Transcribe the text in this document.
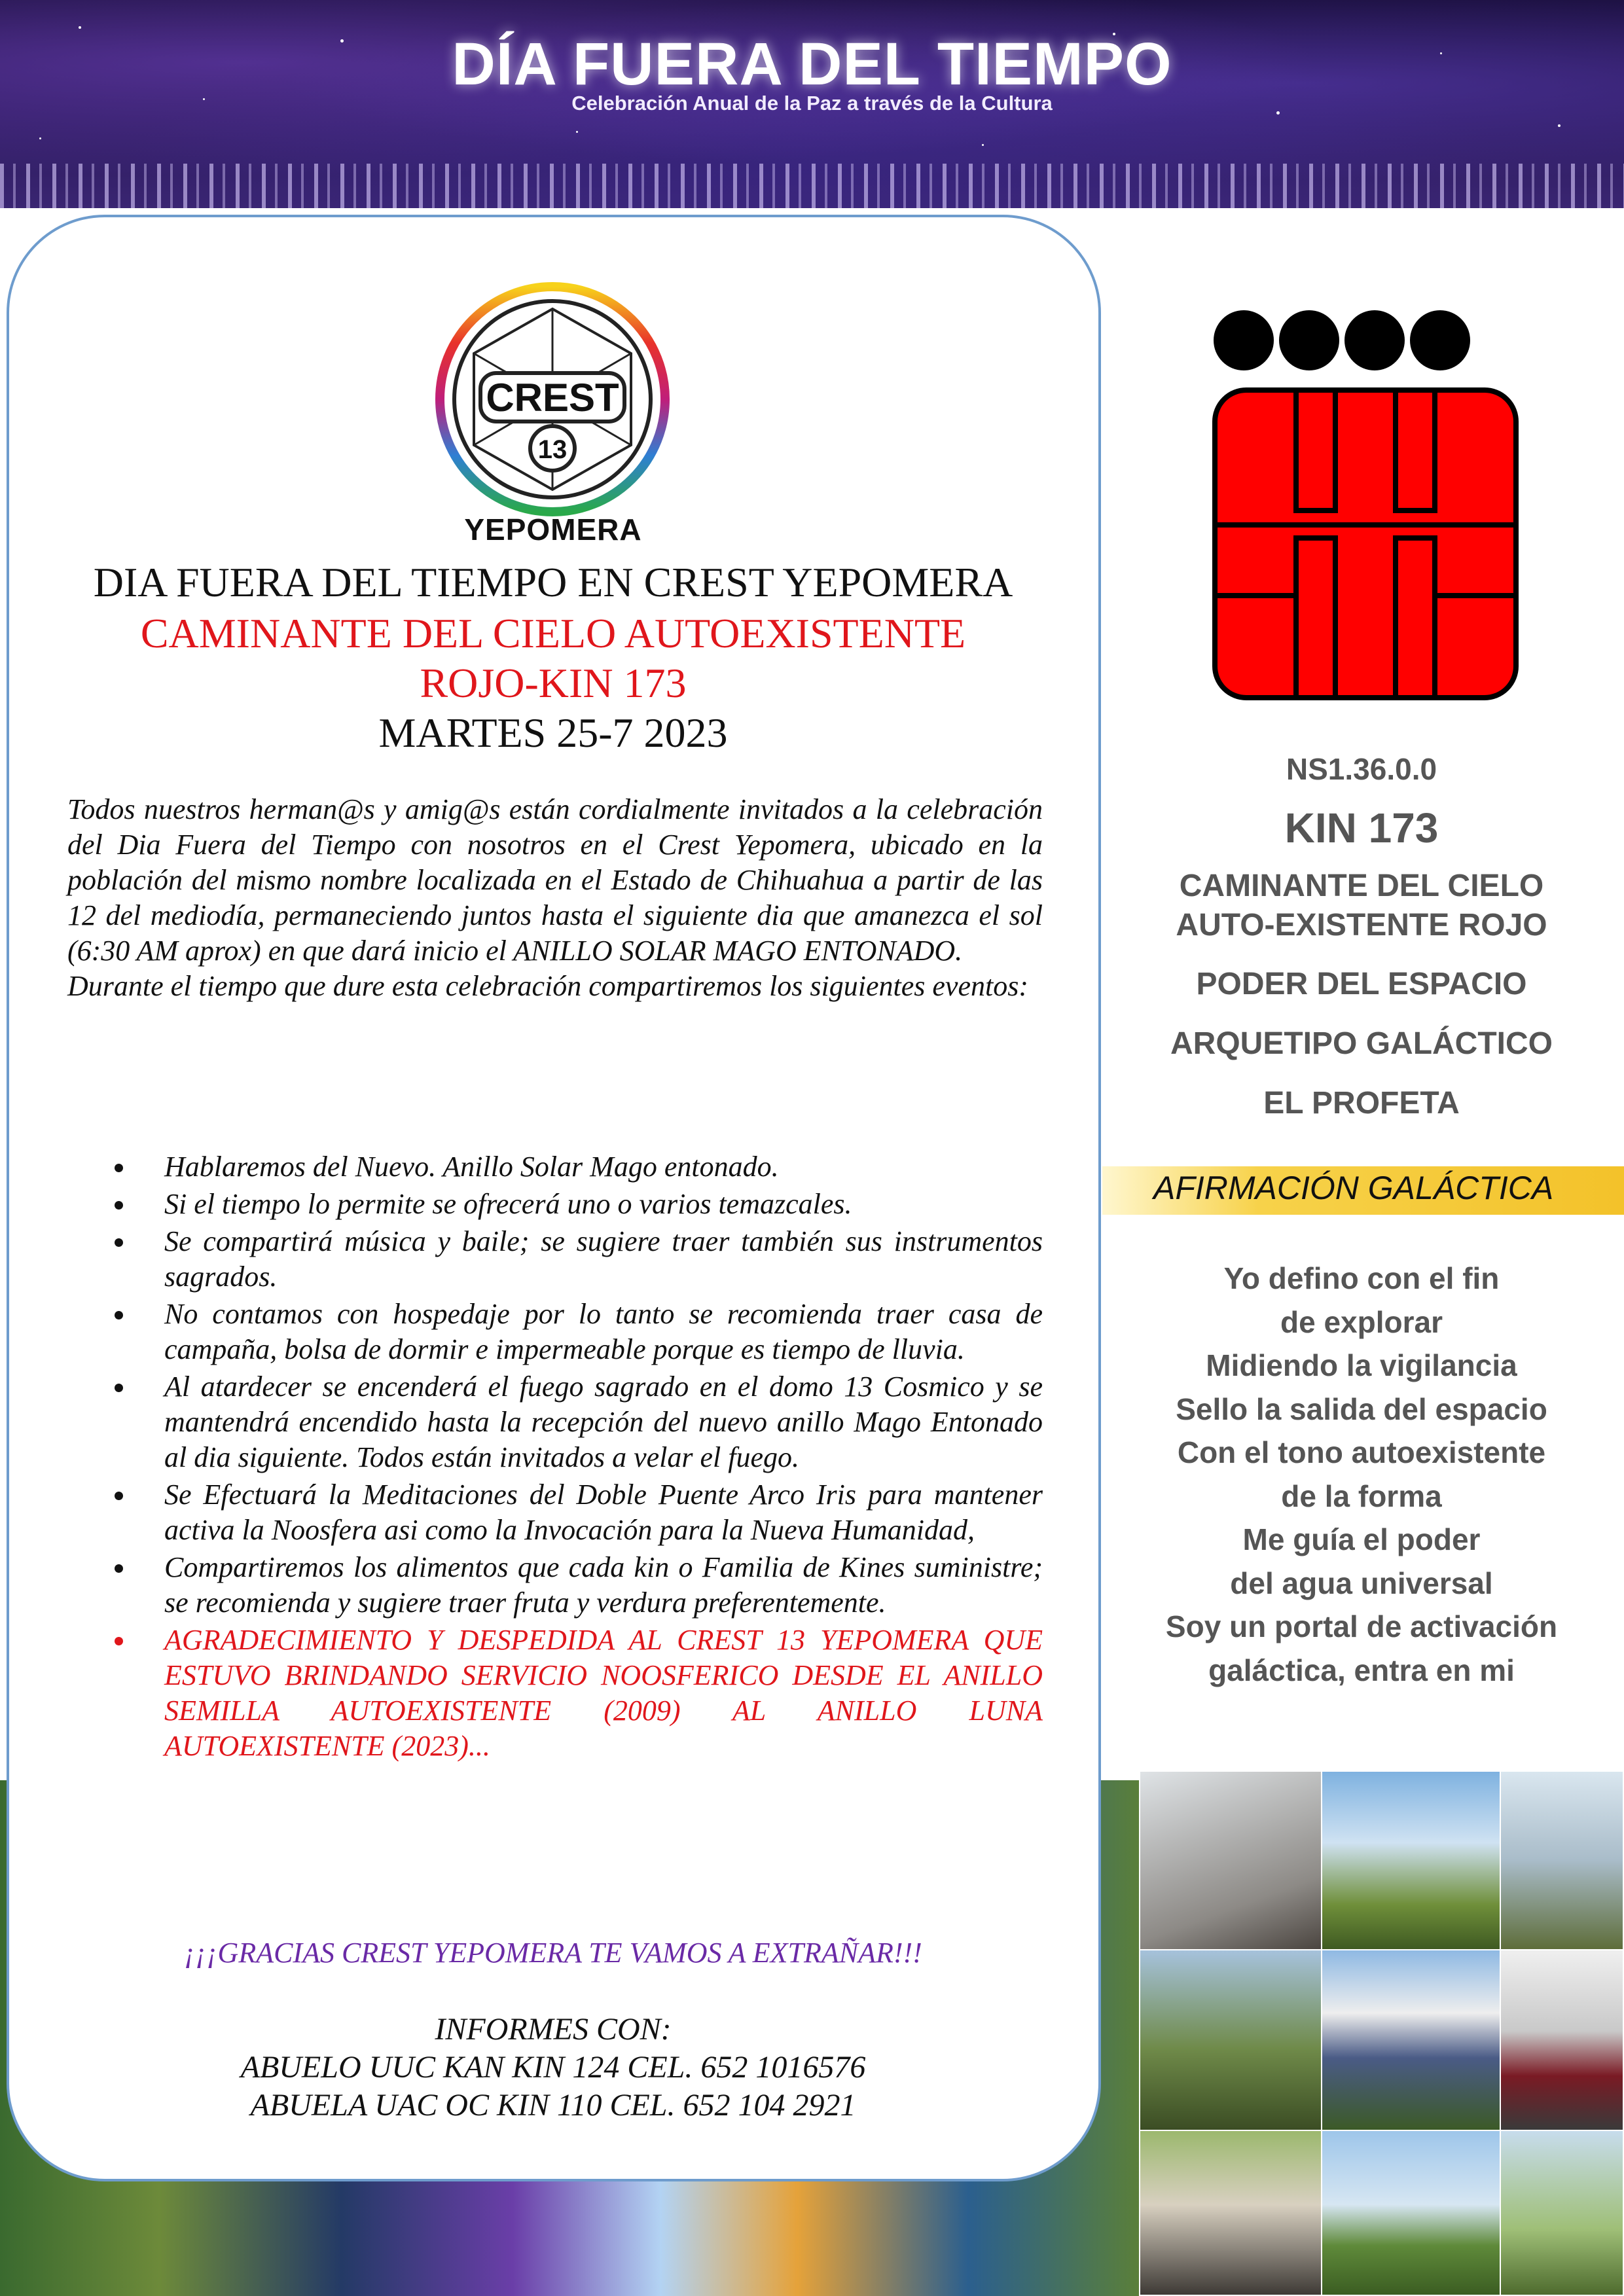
DÍA FUERA DEL TIEMPO
Celebración Anual de la Paz a través de la Cultura
CREST
13
YEPOMERA
DIA FUERA DEL TIEMPO EN CREST YEPOMERA
CAMINANTE DEL CIELO AUTOEXISTENTE
ROJO-KIN 173
MARTES 25-7 2023

Todos nuestros herman@s y amig@s están cordialmente invitados a la celebración del Dia Fuera del Tiempo con nosotros en el Crest Yepomera, ubicado en la población del mismo nombre localizada en el Estado de Chihuahua a partir de las 12 del mediodía, permaneciendo juntos hasta el siguiente dia que amanezca el sol (6:30 AM aprox) en que dará inicio el ANILLO SOLAR MAGO ENTONADO.

Durante el tiempo que dure esta celebración compartiremos los siguientes eventos:

Hablaremos del Nuevo. Anillo Solar Mago entonado.
Si el tiempo lo permite se ofrecerá uno o varios temazcales.
Se compartirá música y baile; se sugiere traer también sus instrumentos sagrados.
No contamos con hospedaje por lo tanto se recomienda traer casa de campaña, bolsa de dormir e impermeable porque es tiempo de lluvia.
Al atardecer se encenderá el fuego sagrado en el domo 13 Cosmico y se mantendrá encendido hasta la recepción del nuevo anillo Mago Entonado al dia siguiente. Todos están invitados a velar el fuego.
Se Efectuará la Meditaciones del Doble Puente Arco Iris para mantener activa la Noosfera asi como la Invocación para la Nueva Humanidad,
Compartiremos los alimentos que cada kin o Familia de Kines suministre; se recomienda y sugiere traer fruta y verdura preferentemente.
AGRADECIMIENTO Y DESPEDIDA AL CREST 13 YEPOMERA QUE ESTUVO BRINDANDO SERVICIO NOOSFERICO DESDE EL ANILLO SEMILLA AUTOEXISTENTE (2009) AL ANILLO LUNA AUTOEXISTENTE (2023)...
¡¡¡GRACIAS CREST YEPOMERA TE VAMOS A EXTRAÑAR!!!
INFORMES CON:
ABUELO UUC KAN KIN 124 CEL. 652 1016576
ABUELA UAC OC KIN 110 CEL. 652 104 2921
NS1.36.0.0
KIN 173
CAMINANTE DEL CIELO
AUTO-EXISTENTE ROJO
PODER DEL ESPACIO
ARQUETIPO GALÁCTICO
EL PROFETA
AFIRMACIÓN GALÁCTICA
Yo defino con el fin
de explorar
Midiendo la vigilancia
Sello la salida del espacio
Con el tono autoexistente
de la forma
Me guía el poder
del agua universal
Soy un portal de activación
galáctica, entra en mi
